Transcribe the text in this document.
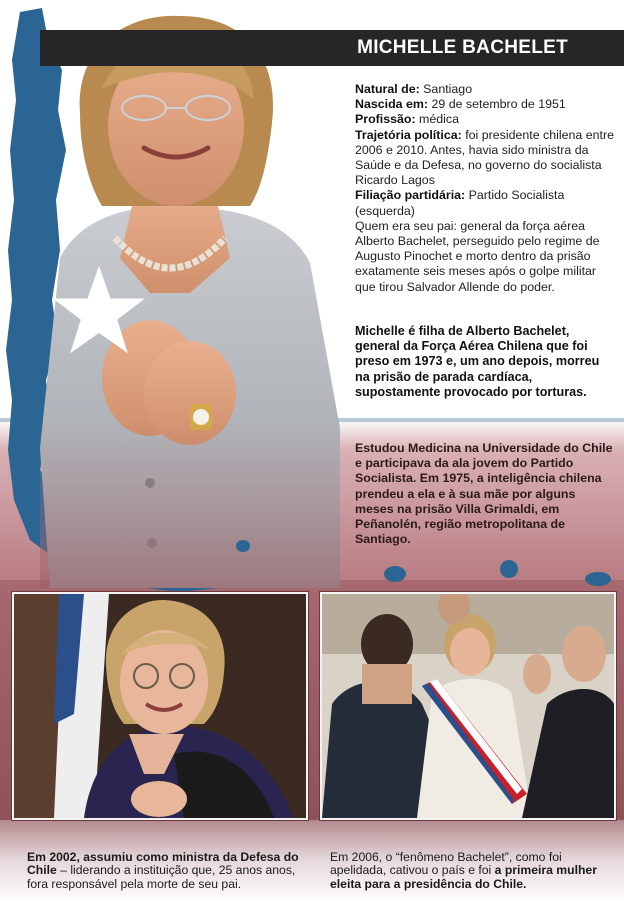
MICHELLE BACHELET

Natural de: Santiago

Nascida em: 29 de setembro de 1951

Profissão: médica

Trajetória política: foi presidente chilena entre 2006 e 2010. Antes, havia sido ministra da Saúde e da Defesa, no governo do socialista Ricardo Lagos

Filiação partidária: Partido Socialista (esquerda)

Quem era seu pai: general da força aérea Alberto Bachelet, perseguido pelo regime de Augusto Pinochet e morto dentro da prisão exatamente seis meses após o golpe militar que tirou Salvador Allende do poder.

Michelle é filha de Alberto Bachelet, general da Força Aérea Chilena que foi preso em 1973 e, um ano depois, morreu na prisão de parada cardíaca, supostamente provocado por torturas.

Estudou Medicina na Universidade do Chile e participava da ala jovem do Partido Socialista. Em 1975, a inteligência chilena prendeu a ela e à sua mãe por alguns meses na prisão Villa Grimaldi, em Peñanolén, região metropolitana de Santiago.

Em 2002, assumiu como ministra da Defesa do Chile – liderando a instituição que, 25 anos anos, fora responsável pela morte de seu pai.

Em 2006, o “fenômeno Bachelet”, como foi apelidada, cativou o país e foi a primeira mulher eleita para a presidência do Chile.
